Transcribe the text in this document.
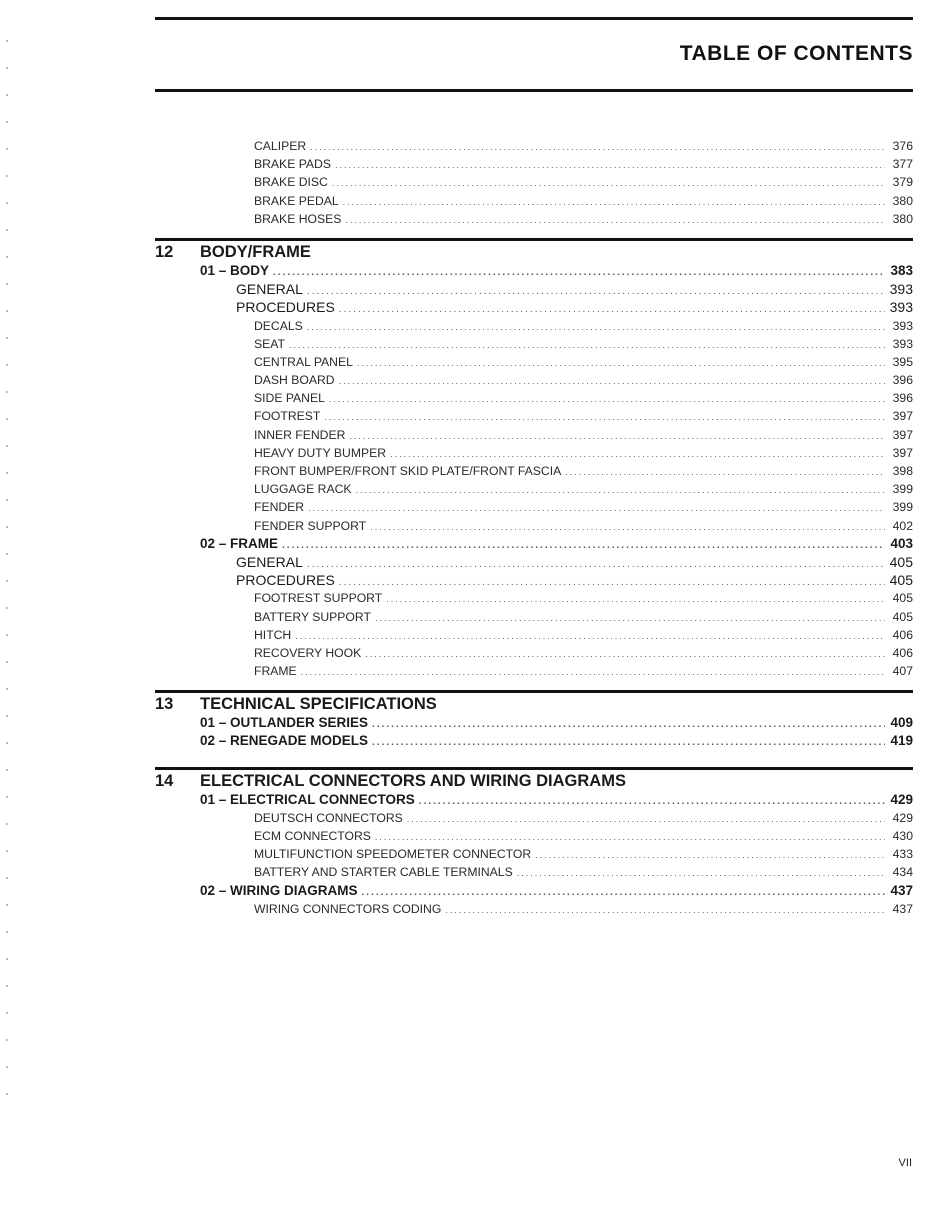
TABLE OF CONTENTS
CALIPER .....	376
BRAKE PADS .....	377
BRAKE DISC .....	379
BRAKE PEDAL .....	380
BRAKE HOSES .....	380
12	BODY/FRAME
01 – BODY .....	383
GENERAL .....	393
PROCEDURES .....	393
DECALS .....	393
SEAT .....	393
CENTRAL PANEL .....	395
DASH BOARD .....	396
SIDE PANEL .....	396
FOOTREST .....	397
INNER FENDER .....	397
HEAVY DUTY BUMPER .....	397
FRONT BUMPER/FRONT SKID PLATE/FRONT FASCIA .....	398
LUGGAGE RACK .....	399
FENDER .....	399
FENDER SUPPORT .....	402
02 – FRAME .....	403
GENERAL .....	405
PROCEDURES .....	405
FOOTREST SUPPORT .....	405
BATTERY SUPPORT .....	405
HITCH .....	406
RECOVERY HOOK .....	406
FRAME .....	407
13	TECHNICAL SPECIFICATIONS
01 – OUTLANDER SERIES .....	409
02 – RENEGADE MODELS .....	419
14	ELECTRICAL CONNECTORS AND WIRING DIAGRAMS
01 – ELECTRICAL CONNECTORS .....	429
DEUTSCH CONNECTORS .....	429
ECM CONNECTORS .....	430
MULTIFUNCTION SPEEDOMETER CONNECTOR .....	433
BATTERY AND STARTER CABLE TERMINALS .....	434
02 – WIRING DIAGRAMS .....	437
WIRING CONNECTORS CODING .....	437
VII
